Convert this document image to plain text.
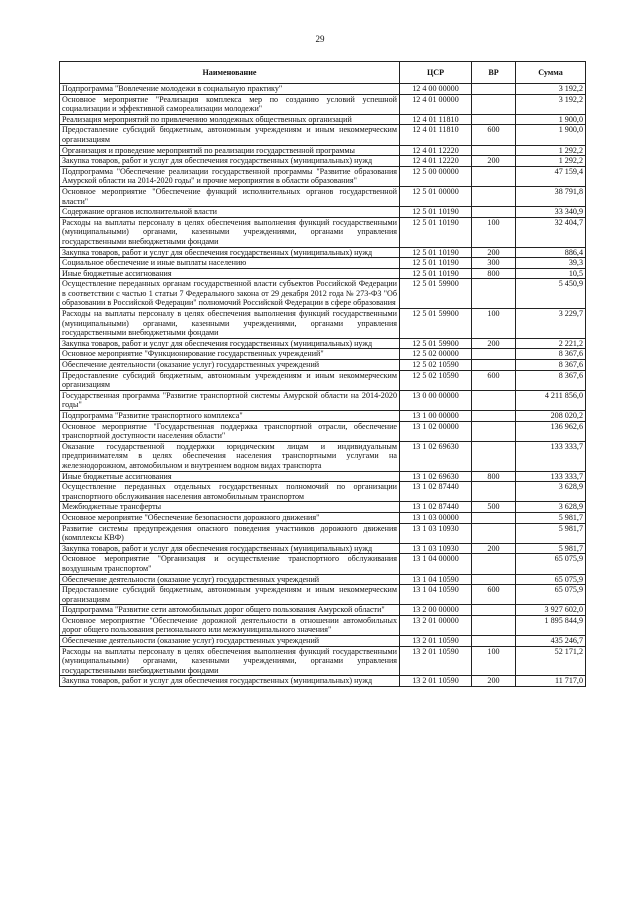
29
Наименование	ЦСР	ВР	Сумма
Подпрограмма "Вовлечение молодежи в социальную практику"	12 4 00 00000		3 192,2
Основное мероприятие "Реализация комплекса мер по созданию условий успешной социализации и эффективной самореализации молодежи"	12 4 01 00000		3 192,2
Реализация мероприятий по привлечению молодежных общественных организаций	12 4 01 11810		1 900,0
Предоставление субсидий бюджетным, автономным учреждениям и иным некоммерческим организациям	12 4 01 11810	600	1 900,0
Организация и проведение мероприятий по реализации государственной программы	12 4 01 12220		1 292,2
Закупка товаров, работ и услуг для обеспечения государственных (муниципальных) нужд	12 4 01 12220	200	1 292,2
Подпрограмма "Обеспечение реализации государственной программы "Развитие образования Амурской области на 2014-2020 годы" и прочие мероприятия в области образования"	12 5 00 00000		47 159,4
Основное мероприятие "Обеспечение функций исполнительных органов государственной власти"	12 5 01 00000		38 791,8
Содержание органов исполнительной власти	12 5 01 10190		33 340,9
Расходы на выплаты персоналу в целях обеспечения выполнения функций государственными (муниципальными) органами, казенными учреждениями, органами управления государственными внебюджетными фондами	12 5 01 10190	100	32 404,7
Закупка товаров, работ и услуг для обеспечения государственных (муниципальных) нужд	12 5 01 10190	200	886,4
Социальное обеспечение и иные выплаты населению	12 5 01 10190	300	39,3
Иные бюджетные ассигнования	12 5 01 10190	800	10,5
Осуществление переданных органам государственной власти субъектов Российской Федерации в соответствии с частью 1 статьи 7 Федерального закона от 29 декабря 2012 года № 273-ФЗ "Об образовании в Российской Федерации" полномочий Российской Федерации в сфере образования	12 5 01 59900		5 450,9
Расходы на выплаты персоналу в целях обеспечения выполнения функций государственными (муниципальными) органами, казенными учреждениями, органами управления государственными внебюджетными фондами	12 5 01 59900	100	3 229,7
Закупка товаров, работ и услуг для обеспечения государственных (муниципальных) нужд	12 5 01 59900	200	2 221,2
Основное мероприятие "Функционирование государственных учреждений"	12 5 02 00000		8 367,6
Обеспечение деятельности (оказание услуг) государственных учреждений	12 5 02 10590		8 367,6
Предоставление субсидий бюджетным, автономным учреждениям и иным некоммерческим организациям	12 5 02 10590	600	8 367,6
Государственная программа "Развитие транспортной системы Амурской области на 2014-2020 годы"	13 0 00 00000		4 211 856,0
Подпрограмма "Развитие транспортного комплекса"	13 1 00 00000		208 020,2
Основное мероприятие "Государственная поддержка транспортной отрасли, обеспечение транспортной доступности населения области"	13 1 02 00000		136 962,6
Оказание государственной поддержки юридическим лицам и индивидуальным предпринимателям в целях обеспечения населения транспортными услугами на железнодорожном, автомобильном и внутреннем водном видах транспорта	13 1 02 69630		133 333,7
Иные бюджетные ассигнования	13 1 02 69630	800	133 333,7
Осуществление переданных отдельных государственных полномочий по организации транспортного обслуживания населения автомобильным транспортом	13 1 02 87440		3 628,9
Межбюджетные трансферты	13 1 02 87440	500	3 628,9
Основное мероприятие "Обеспечение безопасности дорожного движения"	13 1 03 00000		5 981,7
Развитие системы предупреждения опасного поведения участников дорожного движения (комплексы КВФ)	13 1 03 10930		5 981,7
Закупка товаров, работ и услуг для обеспечения государственных (муниципальных) нужд	13 1 03 10930	200	5 981,7
Основное мероприятие "Организация и осуществление транспортного обслуживания воздушным транспортом"	13 1 04 00000		65 075,9
Обеспечение деятельности (оказание услуг) государственных учреждений	13 1 04 10590		65 075,9
Предоставление субсидий бюджетным, автономным учреждениям и иным некоммерческим организациям	13 1 04 10590	600	65 075,9
Подпрограмма "Развитие сети автомобильных дорог общего пользования Амурской области"	13 2 00 00000		3 927 602,0
Основное мероприятие "Обеспечение дорожной деятельности в отношении автомобильных дорог общего пользования регионального или межмуниципального значения"	13 2 01 00000		1 895 844,9
Обеспечение деятельности (оказание услуг) государственных учреждений	13 2 01 10590		435 246,7
Расходы на выплаты персоналу в целях обеспечения выполнения функций государственными (муниципальными) органами, казенными учреждениями, органами управления государственными внебюджетными фондами	13 2 01 10590	100	52 171,2
Закупка товаров, работ и услуг для обеспечения государственных (муниципальных) нужд	13 2 01 10590	200	11 717,0
